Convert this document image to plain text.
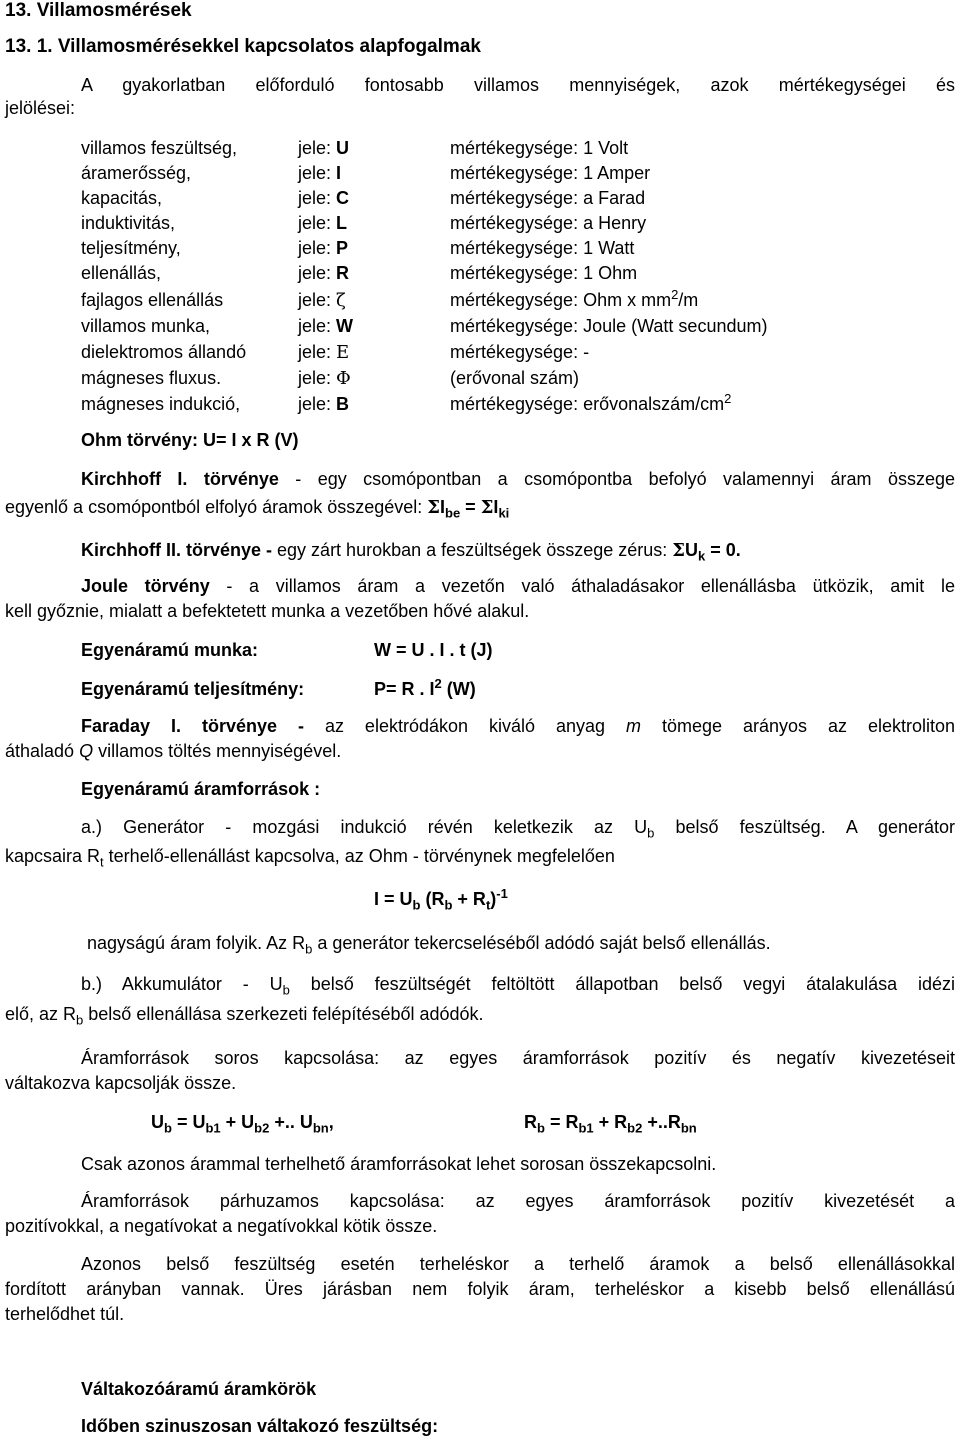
13. Villamosmérések
13. 1. Villamosmérésekkel kapcsolatos alapfogalmak
A gyakorlatban előforduló fontosabb villamos mennyiségek, azok mértékegységei és
jelölései:
villamos feszültség,	jele: U	mértékegysége: 1 Volt
áramerősség,	jele: I	mértékegysége: 1 Amper
kapacitás,	jele: C	mértékegysége: a Farad
induktivitás,	jele: L	mértékegysége: a Henry
teljesítmény,	jele: P	mértékegysége: 1 Watt
ellenállás,	jele: R	mértékegysége: 1 Ohm
fajlagos ellenállás	jele: ζ	mértékegysége: Ohm x $mm^2/m$
villamos munka,	jele: W	mértékegysége: Joule (Watt secundum)
dielektromos állandó	jele: Ε	mértékegysége: -
mágneses fluxus.	jele: Φ	(erővonal szám)
mágneses indukció,	jele: B	mértékegysége: erővonalszám/$cm^2$
Ohm törvény: U= I x R (V)
Kirchhoff I. törvénye - egy csomópontban a csomópontba befolyó valamennyi áram összege
egyenlő a csomópontból elfolyó áramok összegével: $\Sigma I_{be} = \Sigma I_{ki}$
Kirchhoff II. törvénye - egy zárt hurokban a feszültségek összege zérus: $\Sigma U_k = 0$.
Joule törvény - a villamos áram a vezetőn való áthaladásakor ellenállásba ütközik, amit le
kell győznie, mialatt a befektetett munka a vezetőben hővé alakul.
Egyenáramú munka:	W = U . I . t (J)
Egyenáramú teljesítmény:	P= R . $I^2$ (W)
Faraday I. törvénye - az elektródákon kiváló anyag m tömege arányos az elektroliton
áthaladó Q villamos töltés mennyiségével.
Egyenáramú áramforrások :
a.) Generátor - mozgási indukció révén keletkezik az $U_b$ belső feszültség. A generátor
kapcsaira $R_t$ terhelő-ellenállást kapcsolva, az Ohm - törvénynek megfelelően
$I = U_b$ $(R_b + R_t)^{-1}$
nagyságú áram folyik. Az $R_b$ a generátor tekercseléséből adódó saját belső ellenállás.
b.) Akkumulátor - $U_b$ belső feszültségét feltöltött állapotban belső vegyi átalakulása idézi
elő, az $R_b$ belső ellenállása szerkezeti felépítéséből adódók.
Áramforrások soros kapcsolása: az egyes áramforrások pozitív és negatív kivezetéseit
váltakozva kapcsolják össze.
$U_b = U_{b1} + U_{b2}$ +.. $U_{bn}$,	$R_b = R_{b1} + R_{b2} +..R_{bn}$
Csak azonos árammal terhelhető áramforrásokat lehet sorosan összekapcsolni.
Áramforrások párhuzamos kapcsolása: az egyes áramforrások pozitív kivezetését a
pozitívokkal, a negatívokat a negatívokkal kötik össze.
Azonos belső feszültség esetén terheléskor a terhelő áramok a belső ellenállásokkal
fordított arányban vannak. Üres járásban nem folyik áram, terheléskor a kisebb belső ellenállású
terhelődhet túl.
Váltakozóáramú áramkörök
Időben szinuszosan váltakozó feszültség:
